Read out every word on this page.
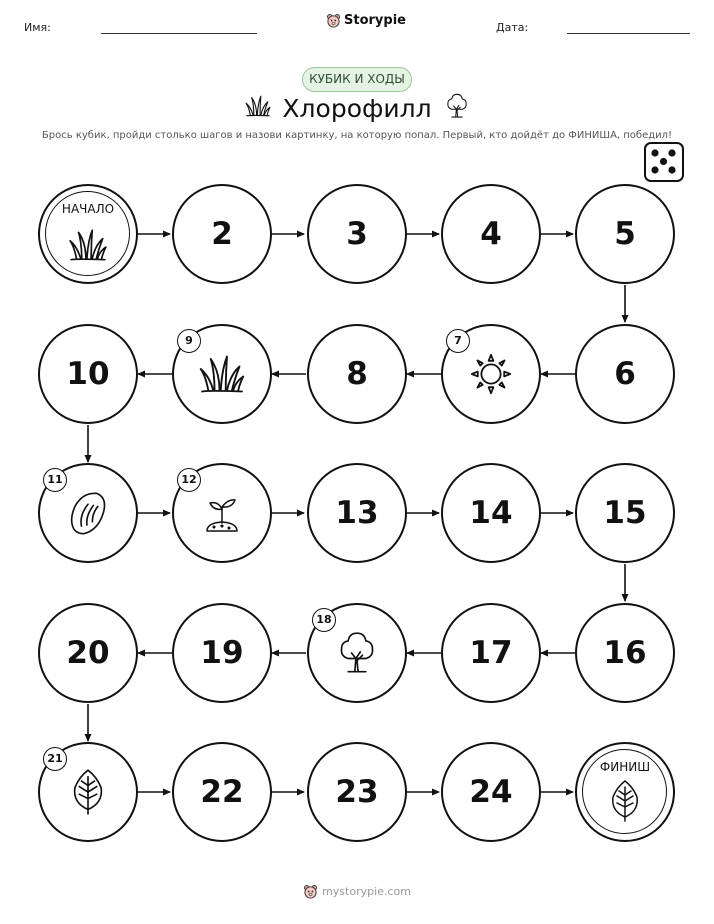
Имя:	Storypie	Дата:
КУБИК И ХОДЫ
Хлорофилл
Брось кубик, пройди столько шагов и назови картинку, на которую попал. Первый, кто дойдёт до ФИНИША, победил!
НАЧАЛО
2	3	4	5
6
7
8
9
10
11	12
13	14	15
16
17
18
19
20
21
22	23	24
ФИНИШ
mystorypie.com
